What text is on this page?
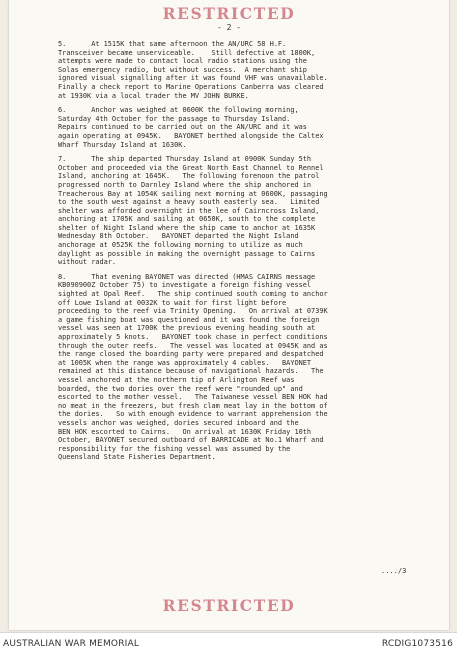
RESTRICTED
- 2 -
5.      At 1515K that same afternoon the AN/URC 58 H.F.
Transceiver became unserviceable.    Still defective at 1800K,
attempts were made to contact local radio stations using the
Solas emergency radio, but without success.  A merchant ship
ignored visual signalling after it was found VHF was unavailable.
Finally a check report to Marine Operations Canberra was cleared
at 1930K via a local trader the MV JOHN BURKE.
6.      Anchor was weighed at 0600K the following morning,
Saturday 4th October for the passage to Thursday Island.
Repairs continued to be carried out on the AN/URC and it was
again operating at 0945K.   BAYONET berthed alongside the Caltex
Wharf Thursday Island at 1630K.
7.      The ship departed Thursday Island at 0900K Sunday 5th
October and proceeded via the Great North East Channel to Rennel
Island, anchoring at 1645K.   The following forenoon the patrol
progressed north to Darnley Island where the ship anchored in
Treacherous Bay at 1054K sailing next morning at 0600K, passaging
to the south west against a heavy south easterly sea.   Limited
shelter was afforded overnight in the lee of Cairncross Island,
anchoring at 1705K and sailing at 0650K, south to the complete
shelter of Night Island where the ship came to anchor at 1635K
Wednesday 8th October.   BAYONET departed the Night Island
anchorage at 0525K the following morning to utilize as much
daylight as possible in making the overnight passage to Cairns
without radar.
8.      That evening BAYONET was directed (HMAS CAIRNS message
KB090900Z October 75) to investigate a foreign fishing vessel
sighted at Opal Reef.   The ship continued south coming to anchor
off Lowe Island at 0032K to wait for first light before
proceeding to the reef via Trinity Opening.   On arrival at 0739K
a game fishing boat was questioned and it was found the foreign
vessel was seen at 1700K the previous evening heading south at
approximately 5 knots.   BAYONET took chase in perfect conditions
through the outer reefs.   The vessel was located at 0945K and as
the range closed the boarding party were prepared and despatched
at 1005K when the range was approximately 4 cables.   BAYONET
remained at this distance because of navigational hazards.   The
vessel anchored at the northern tip of Arlington Reef was
boarded, the two dories over the reef were "rounded up" and
escorted to the mother vessel.   The Taiwanese vessel BEN HOK had
no meat in the freezers, but fresh clam meat lay in the bottom of
the dories.   So with enough evidence to warrant apprehension the
vessels anchor was weighed, dories secured inboard and the
BEN HOK escorted to Cairns.   On arrival at 1630K Friday 10th
October, BAYONET secured outboard of BARRICADE at No.1 Wharf and
responsibility for the fishing vessel was assumed by the
Queensland State Fisheries Department.
..../3
RESTRICTED
AUSTRALIAN WAR MEMORIAL	RCDIG1073516
